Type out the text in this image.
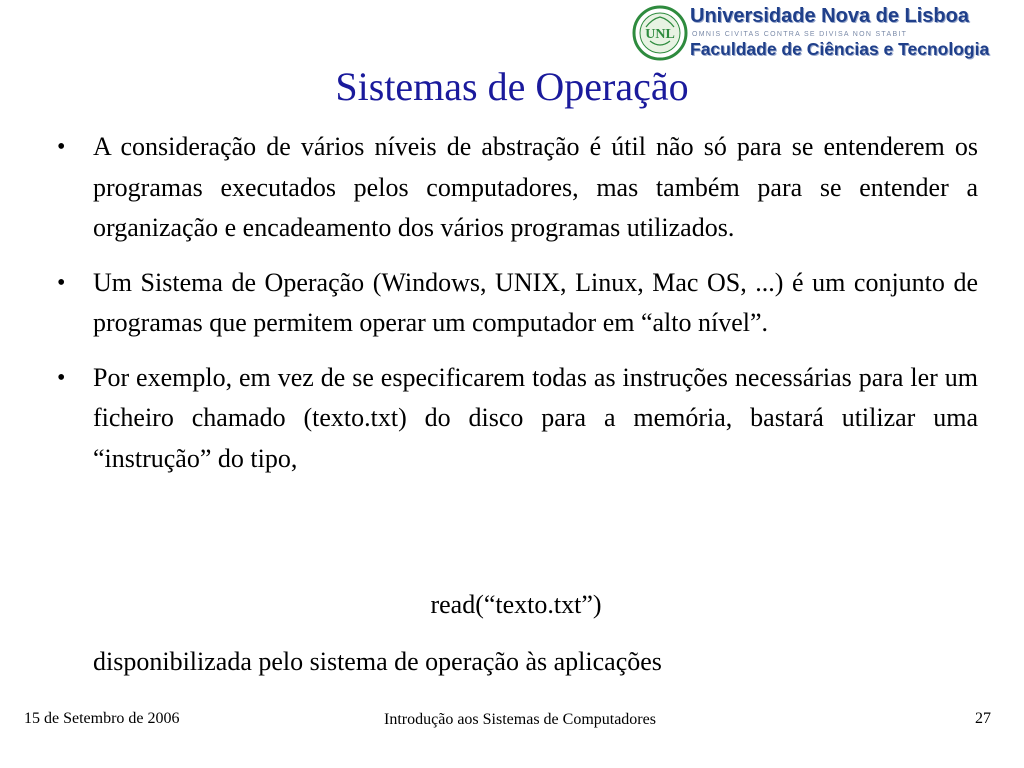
UNL
Universidade Nova de Lisboa
OMNIS CIVITAS CONTRA SE DIVISA NON STABIT
Faculdade de Ciências e Tecnologia
Sistemas de Operação
• A consideração de vários níveis de abstração é útil não só para se entenderem os programas executados pelos computadores, mas também para se entender a organização e encadeamento dos vários programas utilizados.
• Um Sistema de Operação (Windows, UNIX, Linux, Mac OS, ...) é um conjunto de programas que permitem operar um computador em “alto nível”.
• Por exemplo, em vez de se especificarem todas as instruções necessárias para ler um ficheiro chamado (texto.txt) do disco para a memória, bastará utilizar uma “instrução” do tipo,
read(“texto.txt”)
disponibilizada pelo sistema de operação às aplicações
15 de Setembro de 2006	Introdução aos Sistemas de Computadores	27
